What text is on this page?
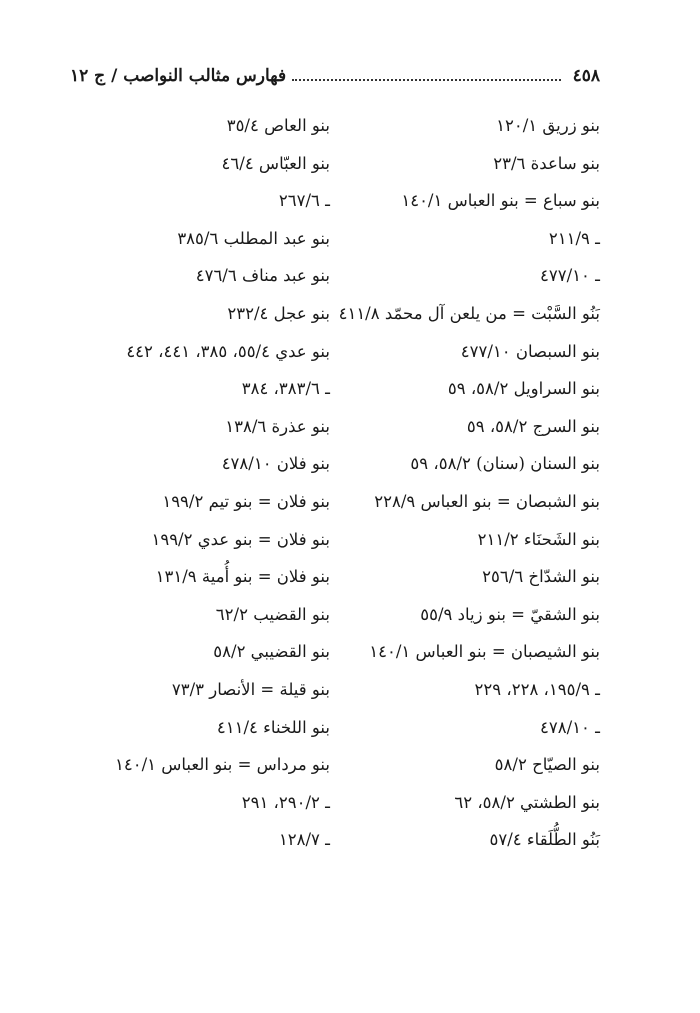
٤٥٨
فهارس مثالب النواصب / ج ١٢
بنو زريق ١٢٠/١
بنو ساعدة ٢٣/٦
بنو سباع = بنو العباس ١٤٠/١
ـ ٢١١/٩
ـ ٤٧٧/١٠
بَنُو السَّبْت = من يلعن آل محمّد ٤١١/٨
بنو السبصان ٤٧٧/١٠
بنو السراويل ٥٨/٢، ٥٩
بنو السرج ٥٨/٢، ٥٩
بنو السنان (سنان) ٥٨/٢، ٥٩
بنو الشبصان = بنو العباس ٢٢٨/٩
بنو الشَحنَاء ٢١١/٢
بنو الشدّاخ ٢٥٦/٦
بنو الشقيّ = بنو زياد ٥٥/٩
بنو الشيصبان = بنو العباس ١٤٠/١
ـ ١٩٥/٩، ٢٢٨، ٢٢٩
ـ ٤٧٨/١٠
بنو الصيّاح ٥٨/٢
بنو الطشتي ٥٨/٢، ٦٢
بَنُو الطُّلَقاء ٥٧/٤
بنو العاص ٣٥/٤
بنو العبّاس ٤٦/٤
ـ ٢٦٧/٦
بنو عبد المطلب ٣٨٥/٦
بنو عبد مناف ٤٧٦/٦
بنو عجل ٢٣٢/٤
بنو عدي ٥٥/٤، ٣٨٥، ٤٤١، ٤٤٢
ـ ٣٨٣/٦، ٣٨٤
بنو عذرة ١٣٨/٦
بنو فلان ٤٧٨/١٠
بنو فلان = بنو تيم ١٩٩/٢
بنو فلان = بنو عدي ١٩٩/٢
بنو فلان = بنو أُمية ١٣١/٩
بنو القضيب ٦٢/٢
بنو القضيبي ٥٨/٢
بنو قيلة = الأنصار ٧٣/٣
بنو اللخناء ٤١١/٤
بنو مرداس = بنو العباس ١٤٠/١
ـ ٢٩٠/٢، ٢٩١
ـ ١٢٨/٧
